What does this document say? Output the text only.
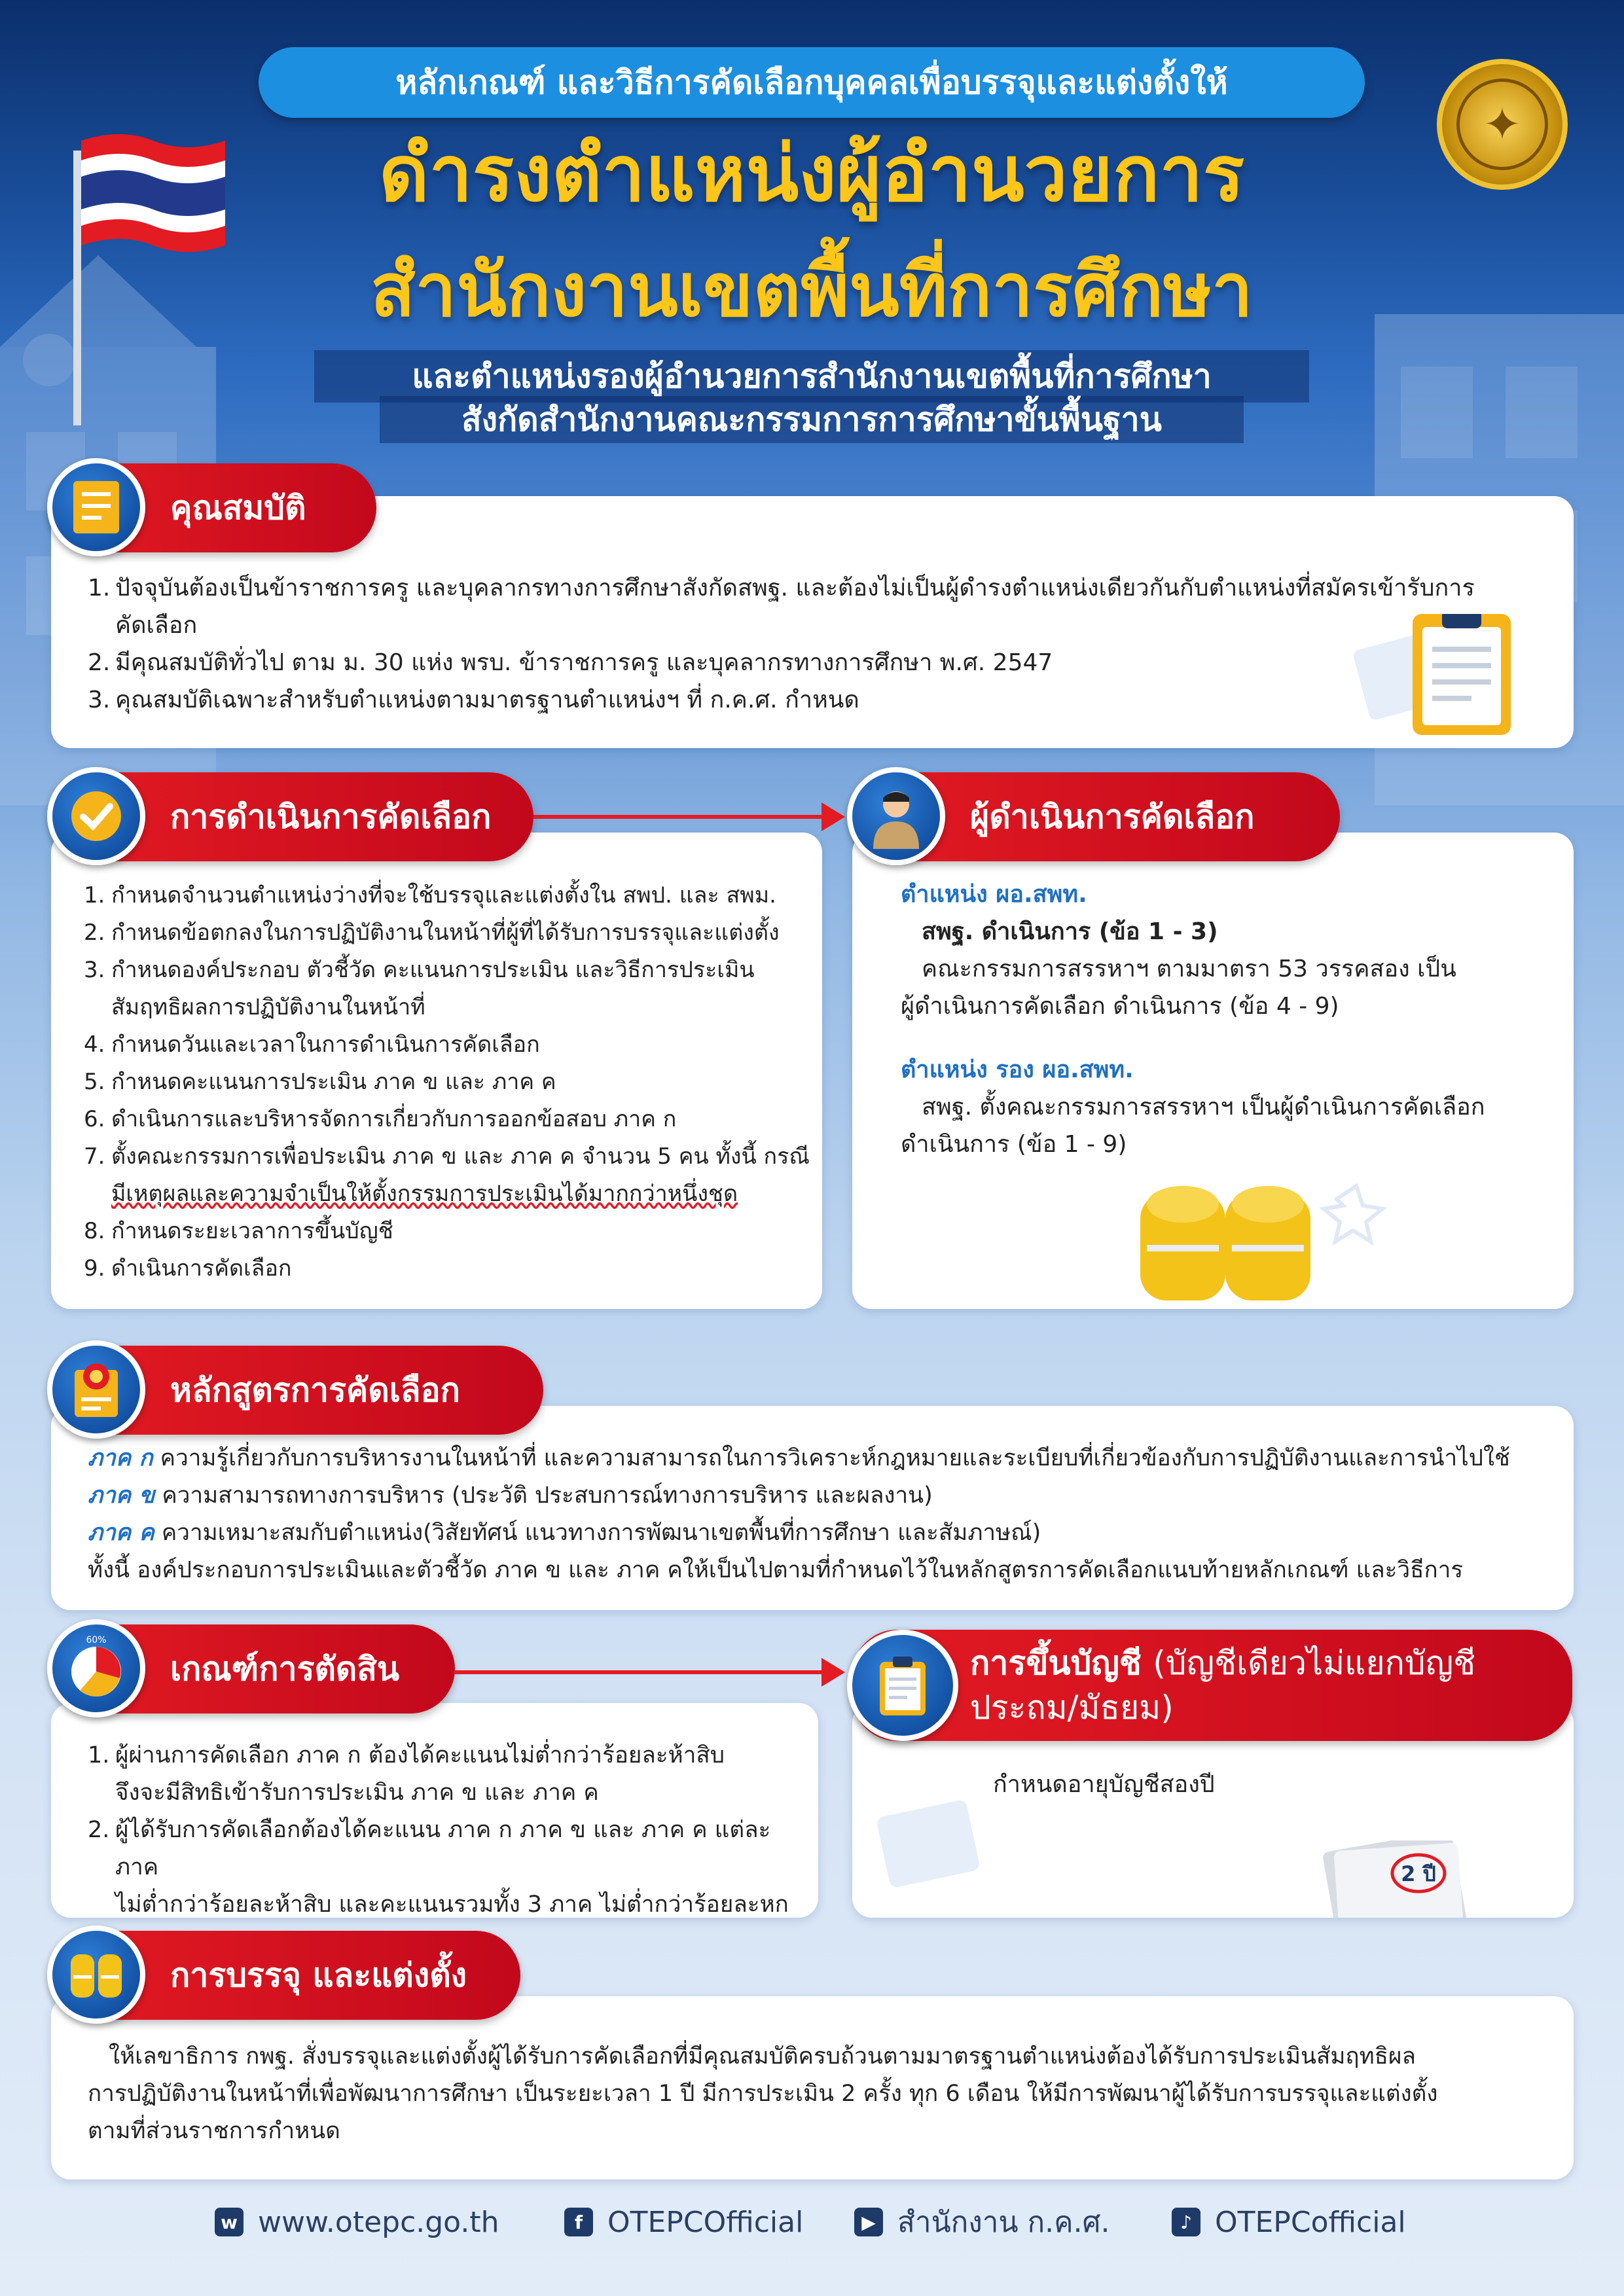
หลักเกณฑ์ และวิธีการคัดเลือกบุคคลเพื่อบรรจุและแต่งตั้งให้
ดำรงตำแหน่งผู้อำนวยการ
สำนักงานเขตพื้นที่การศึกษา
และตำแหน่งรองผู้อำนวยการสำนักงานเขตพื้นที่การศึกษา
สังกัดสำนักงานคณะกรรมการการศึกษาขั้นพื้นฐาน
✦
1. ปัจจุบันต้องเป็นข้าราชการครู และบุคลากรทางการศึกษาสังกัดสพฐ. และต้องไม่เป็นผู้ดำรงตำแหน่งเดียวกันกับตำแหน่งที่สมัครเข้ารับการ
คัดเลือก
2. มีคุณสมบัติทั่วไป ตาม ม. 30 แห่ง พรบ. ข้าราชการครู และบุคลากรทางการศึกษา พ.ศ. 2547
3. คุณสมบัติเฉพาะสำหรับตำแหน่งตามมาตรฐานตำแหน่งฯ ที่ ก.ค.ศ. กำหนด
คุณสมบัติ
1. กำหนดจำนวนตำแหน่งว่างที่จะใช้บรรจุและแต่งตั้งใน สพป. และ สพม.
2. กำหนดข้อตกลงในการปฏิบัติงานในหน้าที่ผู้ที่ได้รับการบรรจุและแต่งตั้ง
3. กำหนดองค์ประกอบ ตัวชี้วัด คะแนนการประเมิน และวิธีการประเมิน
สัมฤทธิผลการปฏิบัติงานในหน้าที่
4. กำหนดวันและเวลาในการดำเนินการคัดเลือก
5. กำหนดคะแนนการประเมิน ภาค ข และ ภาค ค
6. ดำเนินการและบริหารจัดการเกี่ยวกับการออกข้อสอบ ภาค ก
7. ตั้งคณะกรรมการเพื่อประเมิน ภาค ข และ ภาค ค จำนวน 5 คน ทั้งนี้ กรณี
มีเหตุผลและความจำเป็นให้ตั้งกรรมการประเมินได้มากกว่าหนึ่งชุด
8. กำหนดระยะเวลาการขึ้นบัญชี
9. ดำเนินการคัดเลือก
การดำเนินการคัดเลือก
ตำแหน่ง ผอ.สพท.
สพฐ. ดำเนินการ (ข้อ 1 - 3)
คณะกรรมการสรรหาฯ ตามมาตรา 53 วรรคสอง เป็น
ผู้ดำเนินการคัดเลือก ดำเนินการ (ข้อ 4 - 9)
ตำแหน่ง รอง ผอ.สพท.
สพฐ. ตั้งคณะกรรมการสรรหาฯ เป็นผู้ดำเนินการคัดเลือก
ดำเนินการ (ข้อ 1 - 9)
ผู้ดำเนินการคัดเลือก
ภาค ก ความรู้เกี่ยวกับการบริหารงานในหน้าที่ และความสามารถในการวิเคราะห์กฎหมายและระเบียบที่เกี่ยวข้องกับการปฏิบัติงานและการนำไปใช้
ภาค ข ความสามารถทางการบริหาร (ประวัติ ประสบการณ์ทางการบริหาร และผลงาน)
ภาค ค ความเหมาะสมกับตำแหน่ง(วิสัยทัศน์ แนวทางการพัฒนาเขตพื้นที่การศึกษา และสัมภาษณ์)
ทั้งนี้ องค์ประกอบการประเมินและตัวชี้วัด ภาค ข และ ภาค คให้เป็นไปตามที่กำหนดไว้ในหลักสูตรการคัดเลือกแนบท้ายหลักเกณฑ์ และวิธีการ
หลักสูตรการคัดเลือก
1. ผู้ผ่านการคัดเลือก ภาค ก ต้องได้คะแนนไม่ต่ำกว่าร้อยละห้าสิบ
จึงจะมีสิทธิเข้ารับการประเมิน ภาค ข และ ภาค ค
2. ผู้ได้รับการคัดเลือกต้องได้คะแนน ภาค ก ภาค ข และ ภาค ค แต่ละภาค
ไม่ต่ำกว่าร้อยละห้าสิบ และคะแนนรวมทั้ง 3 ภาค ไม่ต่ำกว่าร้อยละหก
เกณฑ์การตัดสิน
60%
กำหนดอายุบัญชีสองปี
2 ปี
การขึ้นบัญชี (บัญชีเดียวไม่แยกบัญชี
ประถม/มัธยม)
ให้เลขาธิการ กพฐ. สั่งบรรจุและแต่งตั้งผู้ได้รับการคัดเลือกที่มีคุณสมบัติครบถ้วนตามมาตรฐานตำแหน่งต้องได้รับการประเมินสัมฤทธิผล
การปฏิบัติงานในหน้าที่เพื่อพัฒนาการศึกษา เป็นระยะเวลา 1 ปี มีการประเมิน 2 ครั้ง ทุก 6 เดือน ให้มีการพัฒนาผู้ได้รับการบรรจุและแต่งตั้ง
ตามที่ส่วนราชการกำหนด
การบรรจุ และแต่งตั้ง
w www.otepc.go.th	f OTEPCOfficial	▶ สำนักงาน ก.ค.ศ.	♪ OTEPCofficial
